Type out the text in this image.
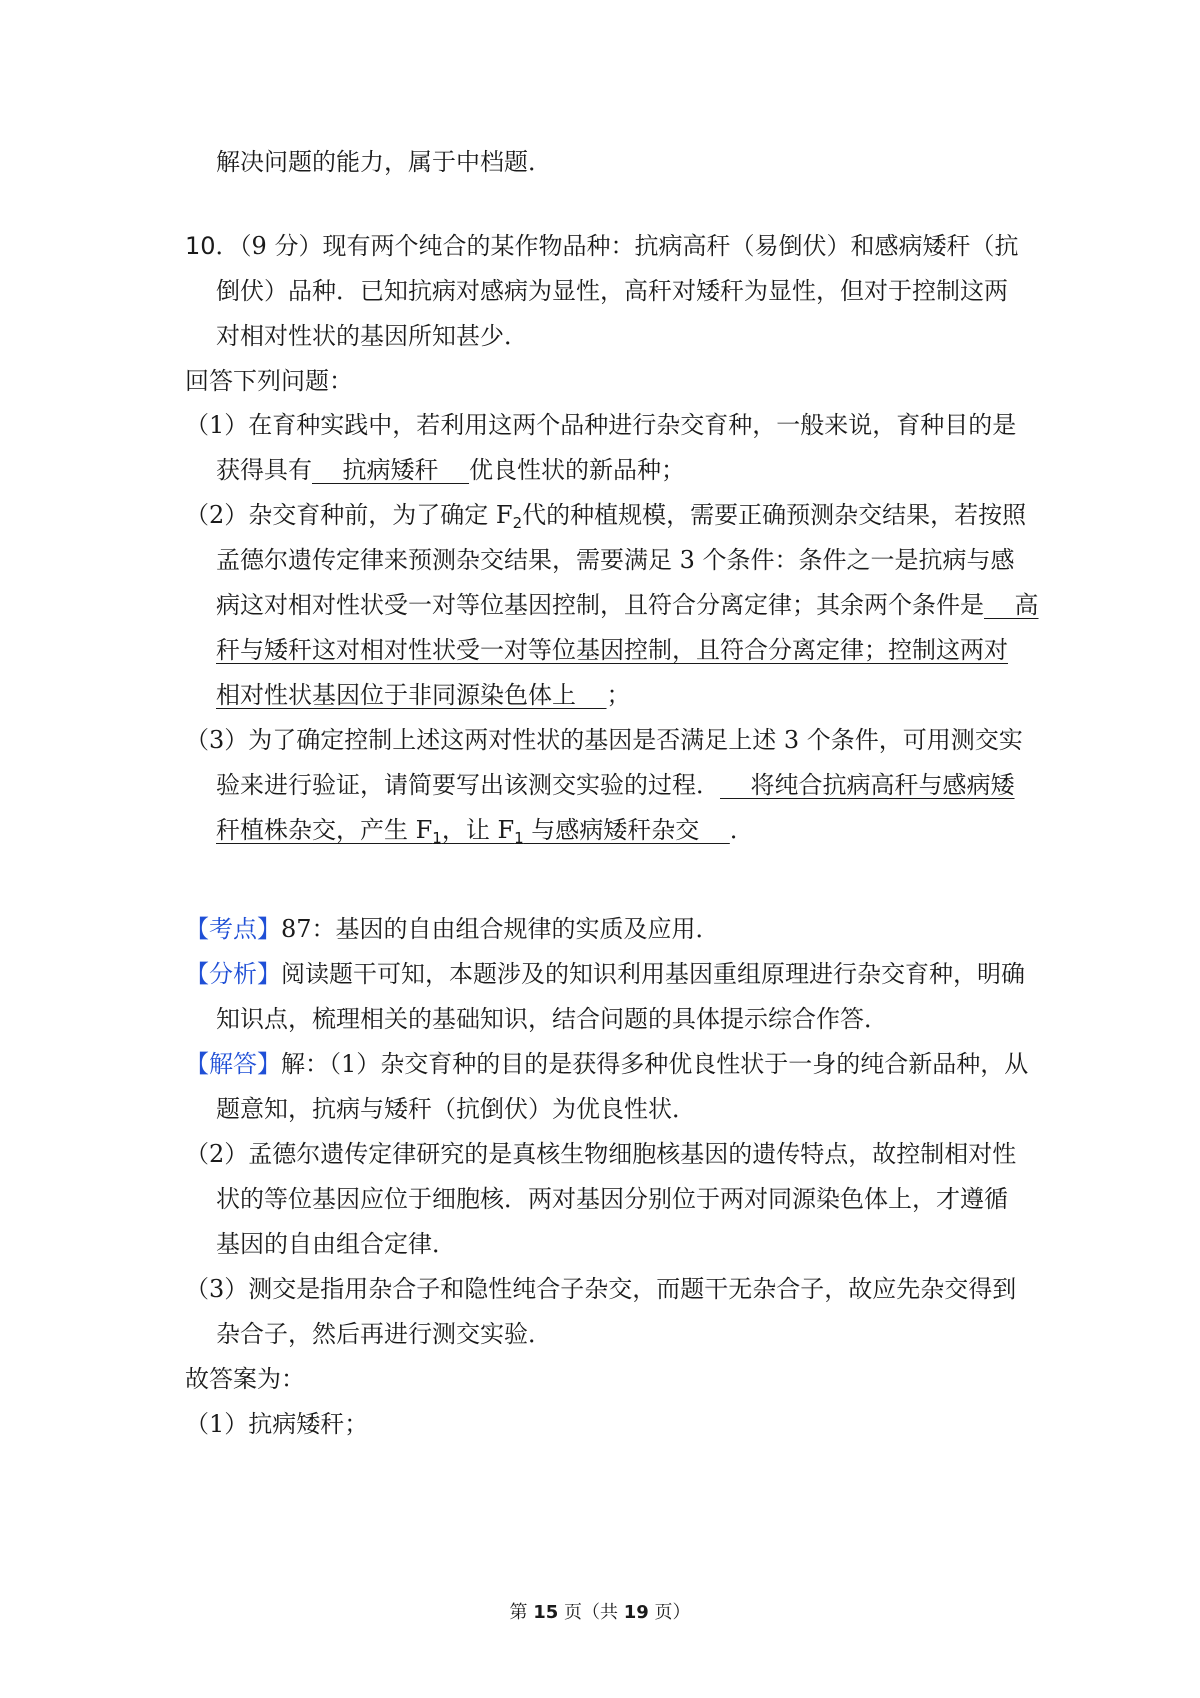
解决问题的能力，属于中档题．
10．（9 分）现有两个纯合的某作物品种：抗病高秆（易倒伏）和感病矮秆（抗
倒伏）品种．已知抗病对感病为显性，高秆对矮秆为显性，但对于控制这两
对相对性状的基因所知甚少．
回答下列问题：
（1）在育种实践中，若利用这两个品种进行杂交育种，一般来说，育种目的是
获得具有    抗病矮秆    优良性状的新品种；
（2）杂交育种前，为了确定 $F_2$代的种植规模，需要正确预测杂交结果，若按照
孟德尔遗传定律来预测杂交结果，需要满足 3 个条件：条件之一是抗病与感
病这对相对性状受一对等位基因控制，且符合分离定律；其余两个条件是    高
秆与矮秆这对相对性状受一对等位基因控制，且符合分离定律；控制这两对
相对性状基因位于非同源染色体上    ；
（3）为了确定控制上述这两对性状的基因是否满足上述 3 个条件，可用测交实
验来进行验证，请简要写出该测交实验的过程．    将纯合抗病高秆与感病矮
秆植株杂交，产生 $F_1$，让 $F_1$ 与感病矮秆杂交    ．
【考点】87：基因的自由组合规律的实质及应用．
【分析】阅读题干可知，本题涉及的知识利用基因重组原理进行杂交育种，明确
知识点，梳理相关的基础知识，结合问题的具体提示综合作答．
【解答】解：（1）杂交育种的目的是获得多种优良性状于一身的纯合新品种，从
题意知，抗病与矮秆（抗倒伏）为优良性状．
（2）孟德尔遗传定律研究的是真核生物细胞核基因的遗传特点，故控制相对性
状的等位基因应位于细胞核．两对基因分别位于两对同源染色体上，才遵循
基因的自由组合定律．
（3）测交是指用杂合子和隐性纯合子杂交，而题干无杂合子，故应先杂交得到
杂合子，然后再进行测交实验．
故答案为：
（1）抗病矮秆；
第 15 页（共 19 页）
